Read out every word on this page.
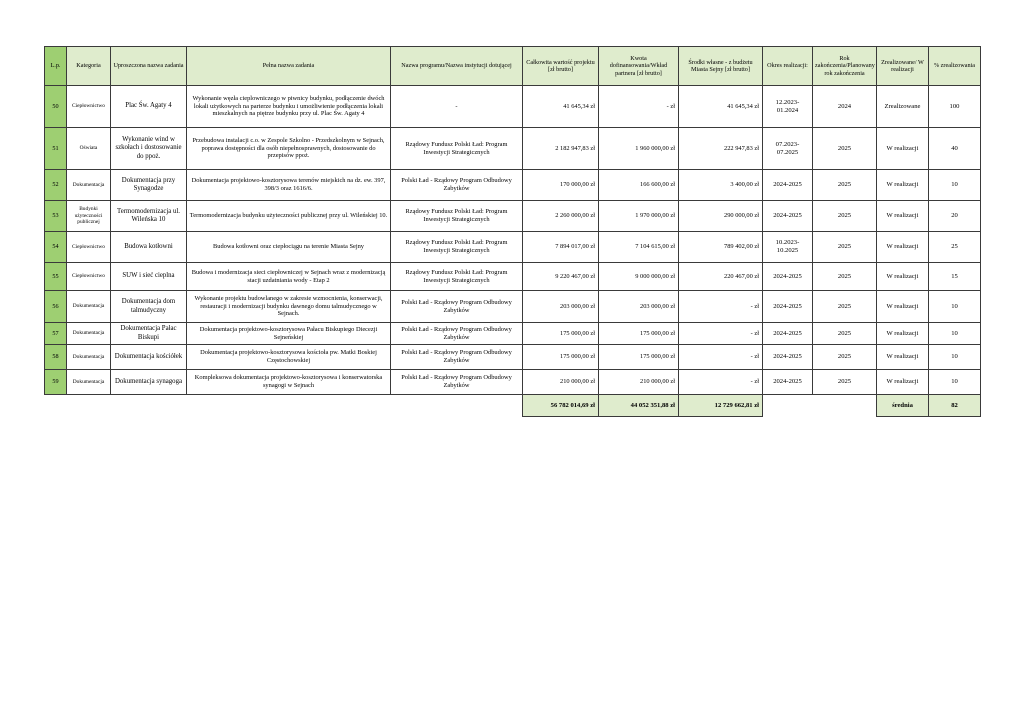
L.p.	Kategoria	Uproszczona nazwa zadania	Pełna nazwa zadania	Nazwa programu/Nazwa instytucji dotującej	Całkowita wartość projektu [zł brutto]	Kwota dofinansowania/Wkład partnera [zł brutto]	Środki własne - z budżetu Miasta Sejny [zł brutto]	Okres realizacji:	Rok zakończenia/Planowany rok zakończenia	Zrealizowane/ W realizacji	% zrealizowania
50	Ciepłownictwo	Plac Św. Agaty 4	Wykonanie węzła cieplowniczego w piwnicy budynku, podłączenie dwóch lokali użytkowych na parterze budynku i umożliwienie podłączenia lokali mieszkalnych na piętrze budynku przy ul. Plac Św. Agaty 4	-	41 645,34 zł	- zł	41 645,34 zł	12.2023-01.2024	2024	Zrealizowane	100
51	Oświata	Wykonanie wind w szkołach i dostosowanie do ppoż.	Przebudowa instalacji c.o. w Zespole Szkolno - Przedszkolnym w Sejnach, poprawa dostępności dla osób niepełnosprawnych, dostosowanie do przepisów ppoż.	Rządowy Fundusz Polski Ład: Program Inwestycji Strategicznych	2 182 947,83 zł	1 960 000,00 zł	222 947,83 zł	07.2023-07.2025	2025	W realizacji	40
52	Dokumentacja	Dokumentacja przy Synagodze	Dokumentacja projektowo-kosztorysowa terenów miejskich na dz. ew. 397, 398/3 oraz 1616/6.	Polski Ład - Rządowy Program Odbudowy Zabytków	170 000,00 zł	166 600,00 zł	3 400,00 zł	2024-2025	2025	W realizacji	10
53	Budynki użyteczności publicznej	Termomodernizacja ul. Wileńska 10	Termomodernizacja budynku użyteczności publicznej przy ul. Wileńskiej 10.	Rządowy Fundusz Polski Ład: Program Inwestycji Strategicznych	2 260 000,00 zł	1 970 000,00 zł	290 000,00 zł	2024-2025	2025	W realizacji	20
54	Ciepłownictwo	Budowa kotłowni	Budowa kotłowni oraz ciepłociągu na terenie Miasta Sejny	Rządowy Fundusz Polski Ład: Program Inwestycji Strategicznych	7 894 017,00 zł	7 104 615,00 zł	789 402,00 zł	10.2023-10.2025	2025	W realizacji	25
55	Ciepłownictwo	SUW i sieć cieplna	Budowa i modernizacja sieci ciepłowniczej w Sejnach wraz z modernizacją stacji uzdatniania wody - Etap 2	Rządowy Fundusz Polski Ład: Program Inwestycji Strategicznych	9 220 467,00 zł	9 000 000,00 zł	220 467,00 zł	2024-2025	2025	W realizacji	15
56	Dokumentacja	Dokumentacja dom talmudyczny	Wykonanie projektu budowlanego w zakresie wzmocnienia, konserwacji, restauracji i modernizacji budynku dawnego domu talmudycznego w Sejnach.	Polski Ład - Rządowy Program Odbudowy Zabytków	203 000,00 zł	203 000,00 zł	- zł	2024-2025	2025	W realizacji	10
57	Dokumentacja	Dokumentacja Pałac Biskupi	Dokumentacja projektowo-kosztorysowa Pałacu Biskupiego Diecezji Sejneńskiej	Polski Ład - Rządowy Program Odbudowy Zabytków	175 000,00 zł	175 000,00 zł	- zł	2024-2025	2025	W realizacji	10
58	Dokumentacja	Dokumentacja kościółek	Dokumentacja projektowo-kosztorysowa kościoła pw. Matki Boskiej Częstochowskiej	Polski Ład - Rządowy Program Odbudowy Zabytków	175 000,00 zł	175 000,00 zł	- zł	2024-2025	2025	W realizacji	10
59	Dokumentacja	Dokumentacja synagoga	Kompleksowa dokumentacja projektowo-kosztorysowa i konserwatorska synagogi w Sejnach	Polski Ład - Rządowy Program Odbudowy Zabytków	210 000,00 zł	210 000,00 zł	- zł	2024-2025	2025	W realizacji	10
					56 782 014,69 zł	44 052 351,88 zł	12 729 662,81 zł			średnia	82
